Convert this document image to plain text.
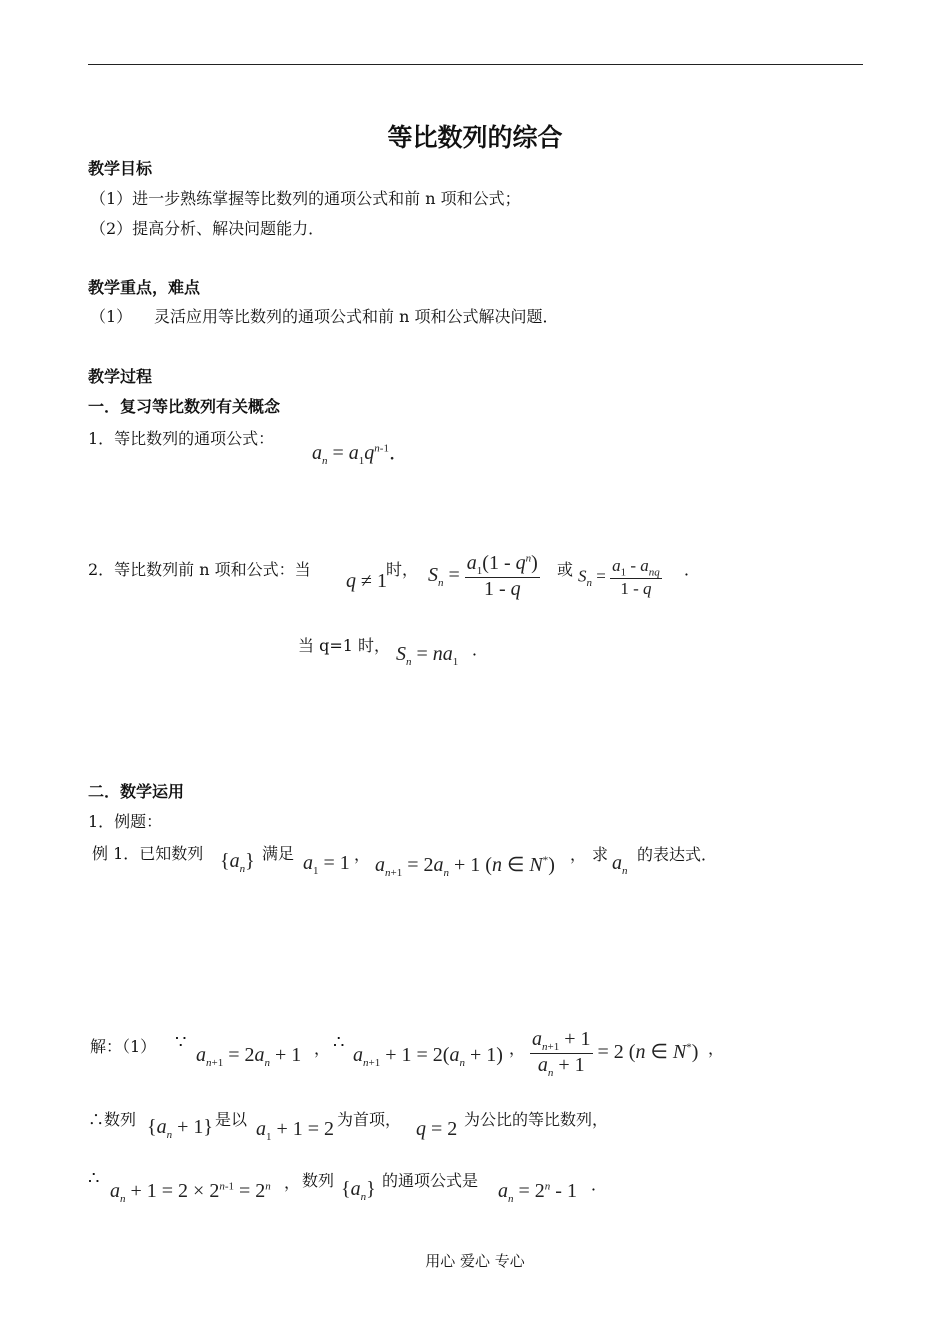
等比数列的综合
教学目标
（1）进一步熟练掌握等比数列的通项公式和前 n 项和公式；
（2）提高分析、解决问题能力．
教学重点，难点
（1） 灵活应用等比数列的通项公式和前 n 项和公式解决问题．
教学过程
一．复习等比数列有关概念
1．等比数列的通项公式：
$a_n = a_1q^{n-1}$．
2．等比数列前 n 项和公式：当
q ≠ 1
时， $S_n = \frac{a_1(1 - q^n)}{1 - q}$ 或 $S_n = \frac{a_1 - a_{nq}}{1 - q}$ ．
当 q=1 时， $S_n = na_1$
．
二．数学运用
1．例题：
例 1．已知数列 $\{a_n\}$ 满足 $a_1 = 1$ ， $a_{n+1} = 2a_n + 1$ (n ∈ N*) ， 求 $a_n$
的表达式．
解：（1） ∵
$a_{n+1} = 2a_n + 1$ ， ∴
$a_{n+1} + 1 = 2(a_n + 1)$ ， $\frac{a_{n+1} + 1}{a_n + 1} = 2$ (n ∈ N*) ，
∴数列 $\{a_n + 1\}$ 是以 $a_1 + 1 = 2$ 为首项， q = 2 为公比的等比数列，
∴
$a_n + 1 = 2 \times 2^{n-1} = 2^n$ ， 数列 $\{a_n\}$ 的通项公式是 $a_n = 2^n - 1$ ．
用心 爱心 专心
